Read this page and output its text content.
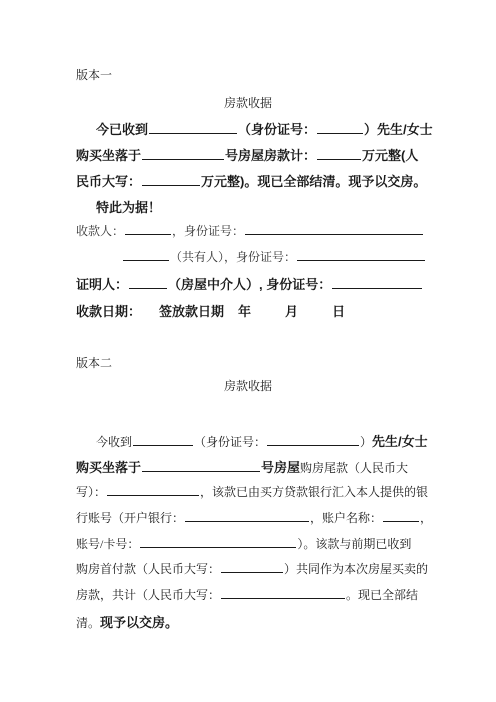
版本一
房款收据
今已收到	（身份证号：	）先生/女士
购买坐落于	号房屋房款计：	万元整(人
民币大写：	万元整)。现已全部结清。现予以交房。
特此为据！
收款人：	，身份证号：
（共有人），身份证号：
证明人：	（房屋中介人）, 身份证号：
收款日期： 签放款日期 年	月	日
版本二
房款收据
今收到	（身份证号：	）先生/女士
购买坐落于	号房屋购房尾款（人民币大
写）：	，该款已由买方贷款银行汇入本人提供的银
行账号（开户银行：	，账户名称：	，
账号/卡号：	）。该款与前期已收到
购房首付款（人民币大写：	）共同作为本次房屋买卖的
房款，共计（人民币大写：	。现已全部结
清。现予以交房。
